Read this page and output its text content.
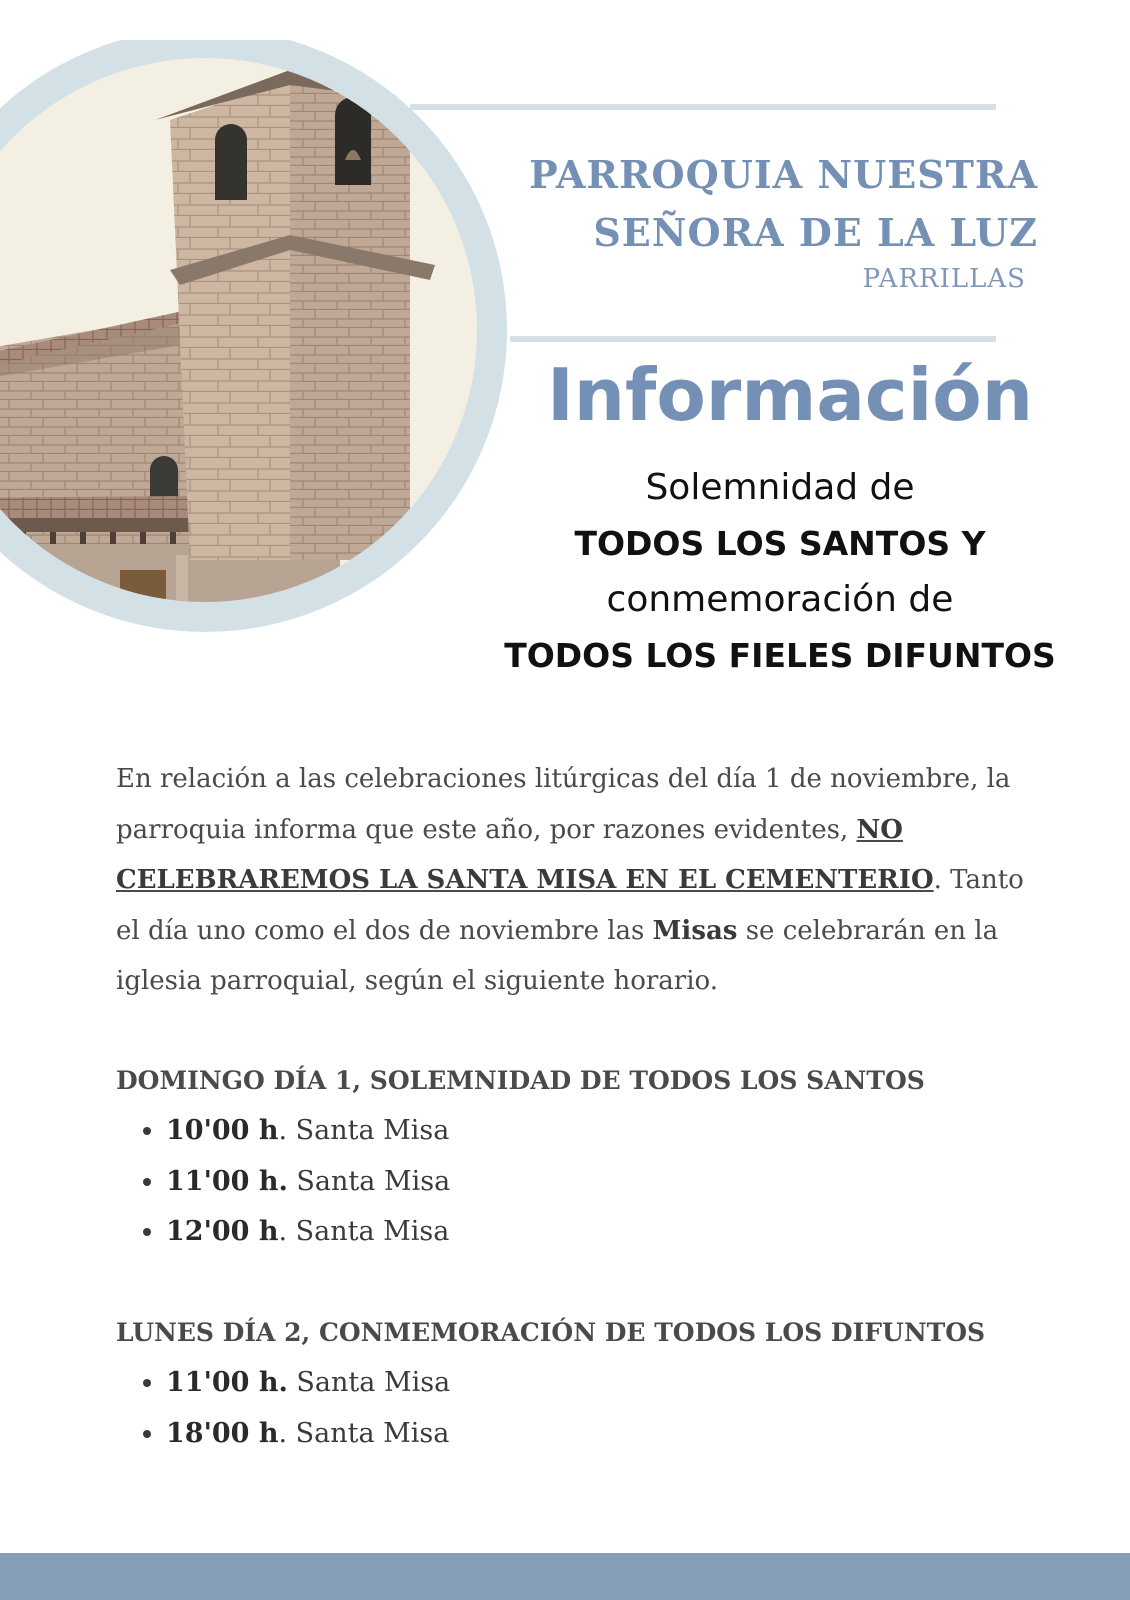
PARROQUIA NUESTRA
SEÑORA DE LA LUZ
PARRILLAS
Información
Solemnidad de
TODOS LOS SANTOS Y
conmemoración de
TODOS LOS FIELES DIFUNTOS
En relación a las celebraciones litúrgicas del día 1 de noviembre, la parroquia informa que este año, por razones evidentes, NO CELEBRAREMOS LA SANTA MISA EN EL CEMENTERIO. Tanto el día uno como el dos de noviembre las Misas se celebrarán en la iglesia parroquial, según el siguiente horario.
DOMINGO DÍA 1, SOLEMNIDAD DE TODOS LOS SANTOS
• 10'00 h. Santa Misa
• 11'00 h. Santa Misa
• 12'00 h. Santa Misa
LUNES DÍA 2, CONMEMORACIÓN DE TODOS LOS DIFUNTOS
• 11'00 h. Santa Misa
• 18'00 h. Santa Misa
